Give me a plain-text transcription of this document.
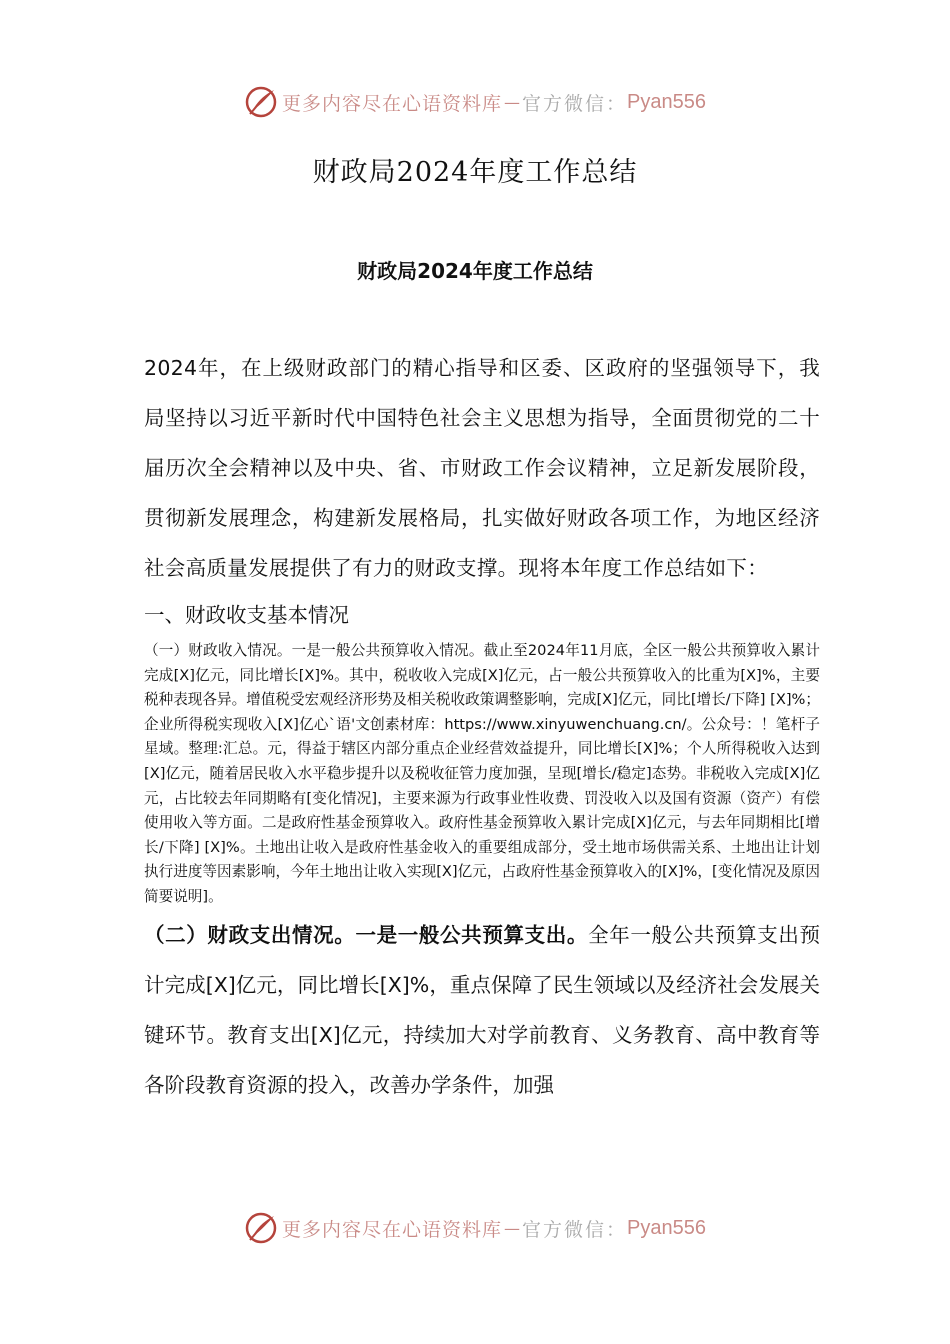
更多内容尽在心语资料库 — 官方微信： Pyan556
财政局2024年度工作总结
财政局2024年度工作总结

2024年，在上级财政部门的精心指导和区委、区政府的坚强领导下，我局坚持以习近平新时代中国特色社会主义思想为指导，全面贯彻党的二十届历次全会精神以及中央、省、市财政工作会议精神，立足新发展阶段，贯彻新发展理念，构建新发展格局，扎实做好财政各项工作，为地区经济社会高质量发展提供了有力的财政支撑。现将本年度工作总结如下：

一、财政收支基本情况

（一）财政收入情况。一是一般公共预算收入情况。截止至2024年11月底，全区一般公共预算收入累计完成[X]亿元，同比增长[X]%。其中，税收收入完成[X]亿元，占一般公共预算收入的比重为[X]%，主要税种表现各异。增值税受宏观经济形势及相关税收政策调整影响，完成[X]亿元，同比[增长/下降] [X]%；企业所得税实现收入[X]亿心`语'文创素材库：https://www.xinyuwenchuang.cn/。公众号：！笔杆子星域。整理:汇总。元，得益于辖区内部分重点企业经营效益提升，同比增长[X]%；个人所得税收入达到[X]亿元，随着居民收入水平稳步提升以及税收征管力度加强，呈现[增长/稳定]态势。非税收入完成[X]亿元，占比较去年同期略有[变化情况]，主要来源为行政事业性收费、罚没收入以及国有资源（资产）有偿使用收入等方面。二是政府性基金预算收入。政府性基金预算收入累计完成[X]亿元，与去年同期相比[增长/下降] [X]%。土地出让收入是政府性基金收入的重要组成部分，受土地市场供需关系、土地出让计划执行进度等因素影响，今年土地出让收入实现[X]亿元，占政府性基金预算收入的[X]%，[变化情况及原因简要说明]。

（二）财政支出情况。一是一般公共预算支出。全年一般公共预算支出预计完成[X]亿元，同比增长[X]%，重点保障了民生领域以及经济社会发展关键环节。教育支出[X]亿元，持续加大对学前教育、义务教育、高中教育等各阶段教育资源的投入，改善办学条件，加强

更多内容尽在心语资料库 — 官方微信： Pyan556
